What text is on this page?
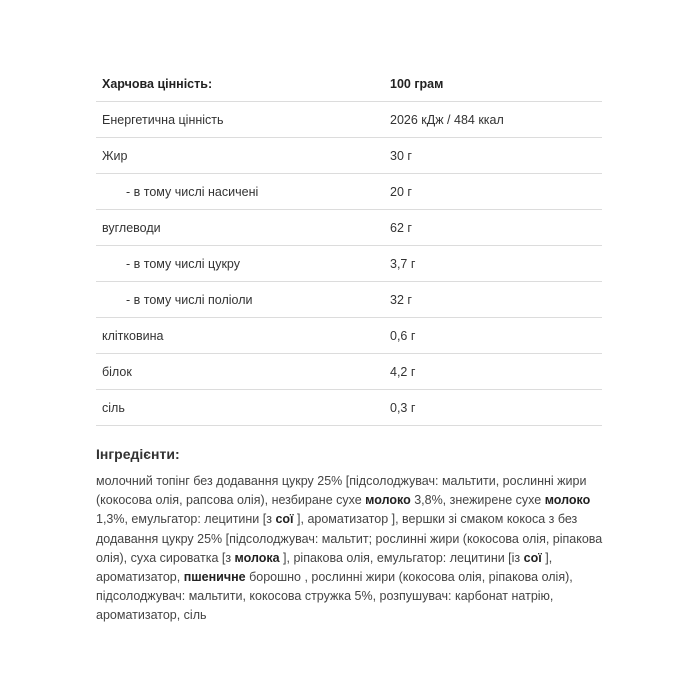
Харчова цінність:	100 грам
Енергетична цінність	2026 кДж / 484 ккал
Жир	30 г
- в тому числі насичені	20 г
вуглеводи	62 г
- в тому числі цукру	3,7 г
- в тому числі поліоли	32 г
клітковина	0,6 г
білок	4,2 г
сіль	0,3 г
Інгредієнти:

молочний топінг без додавання цукру 25% [підсолоджувач: мальтити, рослинні жири (кокосова олія, рапсова олія), незбиране сухе молоко 3,8%, знежирене сухе молоко 1,3%, емульгатор: лецитини [з сої ], ароматизатор ], вершки зі смаком кокоса з без додавання цукру 25% [підсолоджувач: мальтит; рослинні жири (кокосова олія, ріпакова олія), суха сироватка [з молока ], ріпакова олія, емульгатор: лецитини [із сої ], ароматизатор, пшеничне борошно , рослинні жири (кокосова олія, ріпакова олія), підсолоджувач: мальтити, кокосова стружка 5%, розпушувач: карбонат натрію, ароматизатор, сіль
